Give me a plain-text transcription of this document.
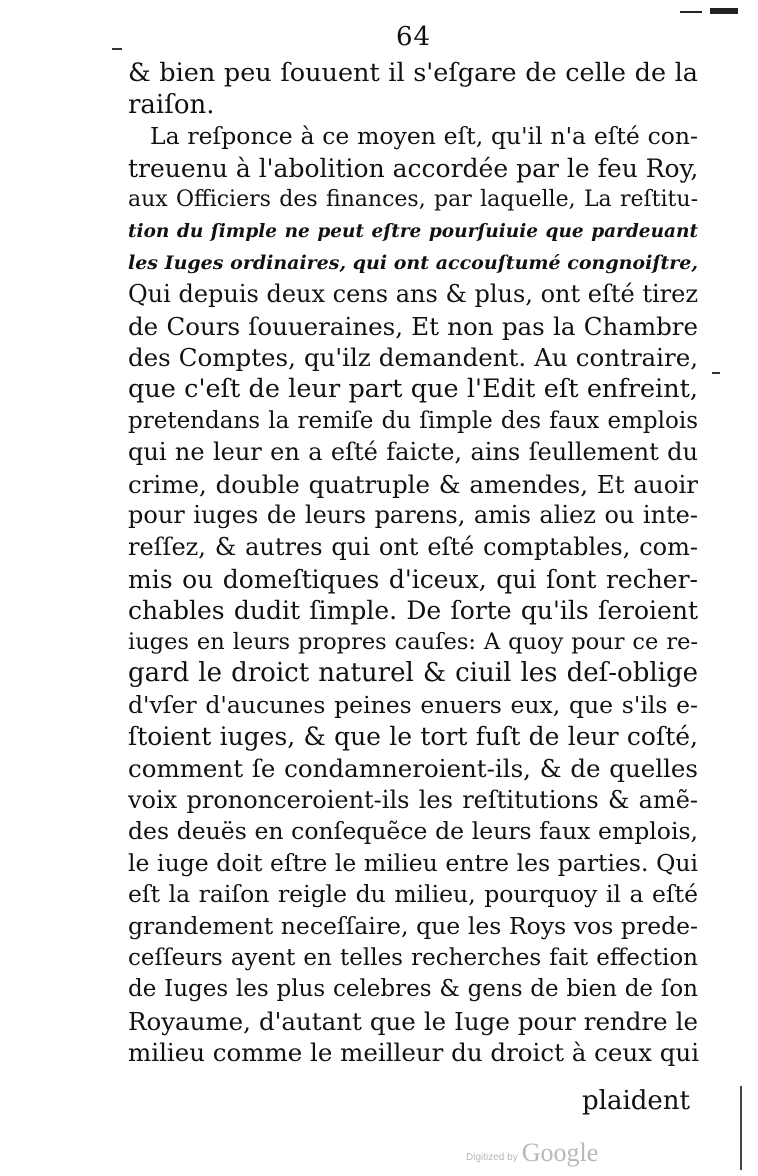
64
& bien peu ſouuent il s'eſgare de celle de la
raiſon.
La reſponce à ce moyen eſt, qu'il n'a eſté con-
treuenu à l'abolition accordée par le feu Roy,
aux Officiers des finances, par laquelle, La reſtitu-
tion du ſimple ne peut eſtre pourſuiuie que pardeuant
les Iuges ordinaires, qui ont accouſtumé congnoiſtre,
Qui depuis deux cens ans & plus, ont eſté tirez
de Cours ſouueraines, Et non pas la Chambre
des Comptes, qu'ilz demandent. Au contraire,
que c'eſt de leur part que l'Edit eſt enfreint,
pretendans la remiſe du ſimple des faux emplois
qui ne leur en a eſté faicte, ains ſeullement du
crime, double quatruple & amendes, Et auoir
pour iuges de leurs parens, amis aliez ou inte-
reſſez, & autres qui ont eſté comptables, com-
mis ou domeſtiques d'iceux, qui ſont recher-
chables dudit ſimple. De ſorte qu'ils ſeroient
iuges en leurs propres cauſes: A quoy pour ce re-
gard le droict naturel & ciuil les deſ-oblige
d'vſer d'aucunes peines enuers eux, que s'ils e-
ſtoient iuges, & que le tort fuſt de leur coſté,
comment ſe condamneroient-ils, & de quelles
voix prononceroient-ils les reſtitutions & amẽ-
des deuës en conſequẽce de leurs faux emplois,
le iuge doit eſtre le milieu entre les parties. Qui
eſt la raiſon reigle du milieu, pourquoy il a eſté
grandement neceſſaire, que les Roys vos prede-
ceſſeurs ayent en telles recherches fait effection
de Iuges les plus celebres & gens de bien de ſon
Royaume, d'autant que le Iuge pour rendre le
milieu comme le meilleur du droict à ceux qui
plaident
Digitized by Google
